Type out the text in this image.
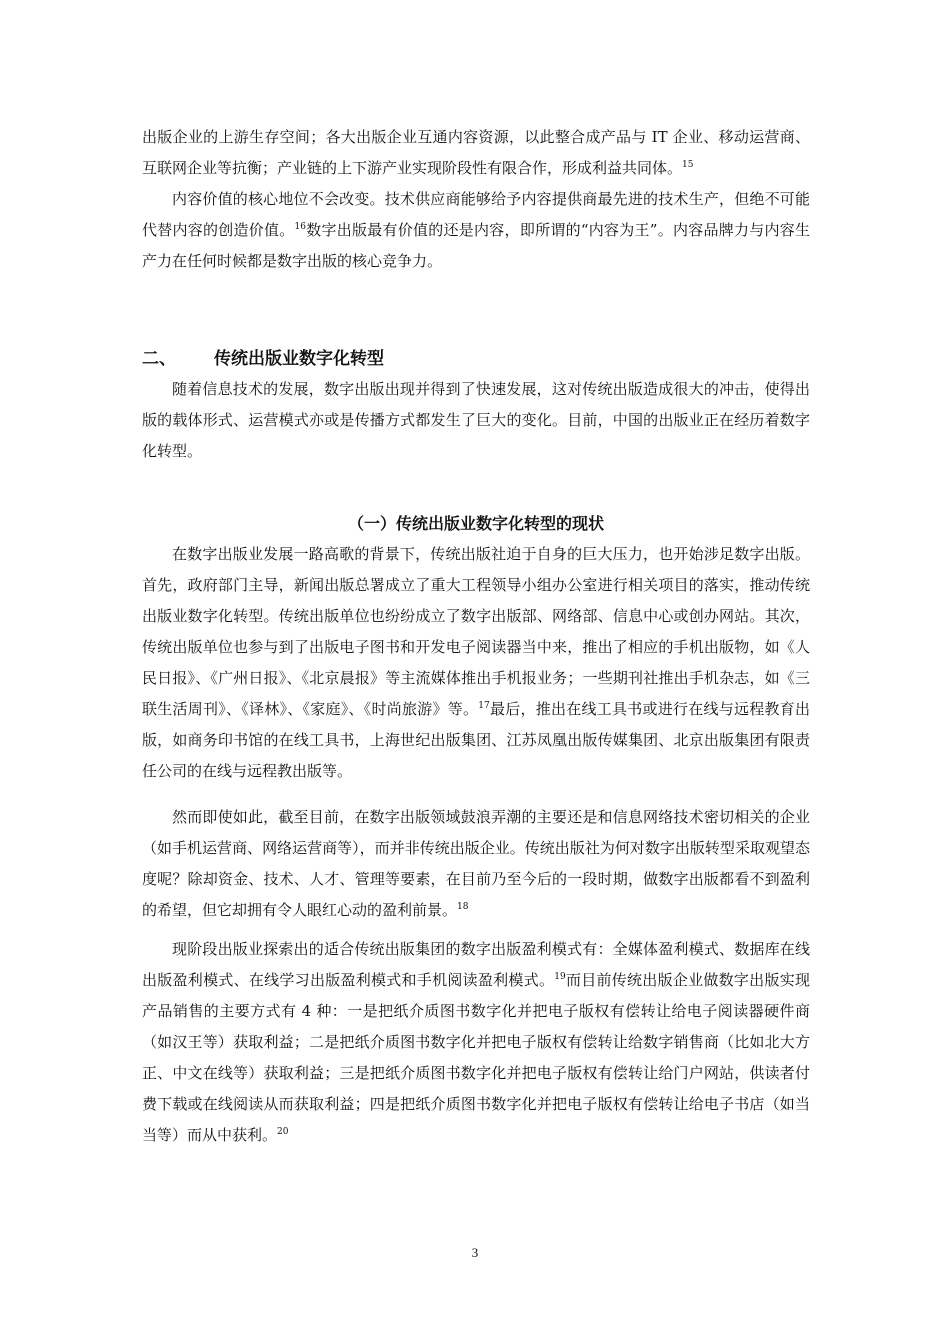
出版企业的上游生存空间；各大出版企业互通内容资源，以此整合成产品与 IT 企业、移动运营商、互联网企业等抗衡；产业链的上下游产业实现阶段性有限合作，形成利益共同体。$^{15}$

内容价值的核心地位不会改变。技术供应商能够给予内容提供商最先进的技术生产，但绝不可能代替内容的创造价值。$^{16}$数字出版最有价值的还是内容，即所谓的“内容为王”。内容品牌力与内容生产力在任何时候都是数字出版的核心竞争力。

二、 传统出版业数字化转型

随着信息技术的发展，数字出版出现并得到了快速发展，这对传统出版造成很大的冲击，使得出版的载体形式、运营模式亦或是传播方式都发生了巨大的变化。目前，中国的出版业正在经历着数字化转型。

（一）传统出版业数字化转型的现状

在数字出版业发展一路高歌的背景下，传统出版社迫于自身的巨大压力，也开始涉足数字出版。首先，政府部门主导，新闻出版总署成立了重大工程领导小组办公室进行相关项目的落实，推动传统出版业数字化转型。传统出版单位也纷纷成立了数字出版部、网络部、信息中心或创办网站。其次，传统出版单位也参与到了出版电子图书和开发电子阅读器当中来，推出了相应的手机出版物，如《人民日报》、《广州日报》、《北京晨报》等主流媒体推出手机报业务；一些期刊社推出手机杂志，如《三联生活周刊》、《译林》、《家庭》、《时尚旅游》等。$^{17}$最后，推出在线工具书或进行在线与远程教育出版，如商务印书馆的在线工具书，上海世纪出版集团、江苏凤凰出版传媒集团、北京出版集团有限责任公司的在线与远程教出版等。

然而即使如此，截至目前，在数字出版领域鼓浪弄潮的主要还是和信息网络技术密切相关的企业（如手机运营商、网络运营商等），而并非传统出版企业。传统出版社为何对数字出版转型采取观望态度呢？除却资金、技术、人才、管理等要素，在目前乃至今后的一段时期，做数字出版都看不到盈利的希望，但它却拥有令人眼红心动的盈利前景。$^{18}$

现阶段出版业探索出的适合传统出版集团的数字出版盈利模式有：全媒体盈利模式、数据库在线出版盈利模式、在线学习出版盈利模式和手机阅读盈利模式。$^{19}$而目前传统出版企业做数字出版实现产品销售的主要方式有 4 种：一是把纸介质图书数字化并把电子版权有偿转让给电子阅读器硬件商（如汉王等）获取利益；二是把纸介质图书数字化并把电子版权有偿转让给数字销售商（比如北大方正、中文在线等）获取利益；三是把纸介质图书数字化并把电子版权有偿转让给门户网站，供读者付费下载或在线阅读从而获取利益；四是把纸介质图书数字化并把电子版权有偿转让给电子书店（如当当等）而从中获利。$^{20}$

3
